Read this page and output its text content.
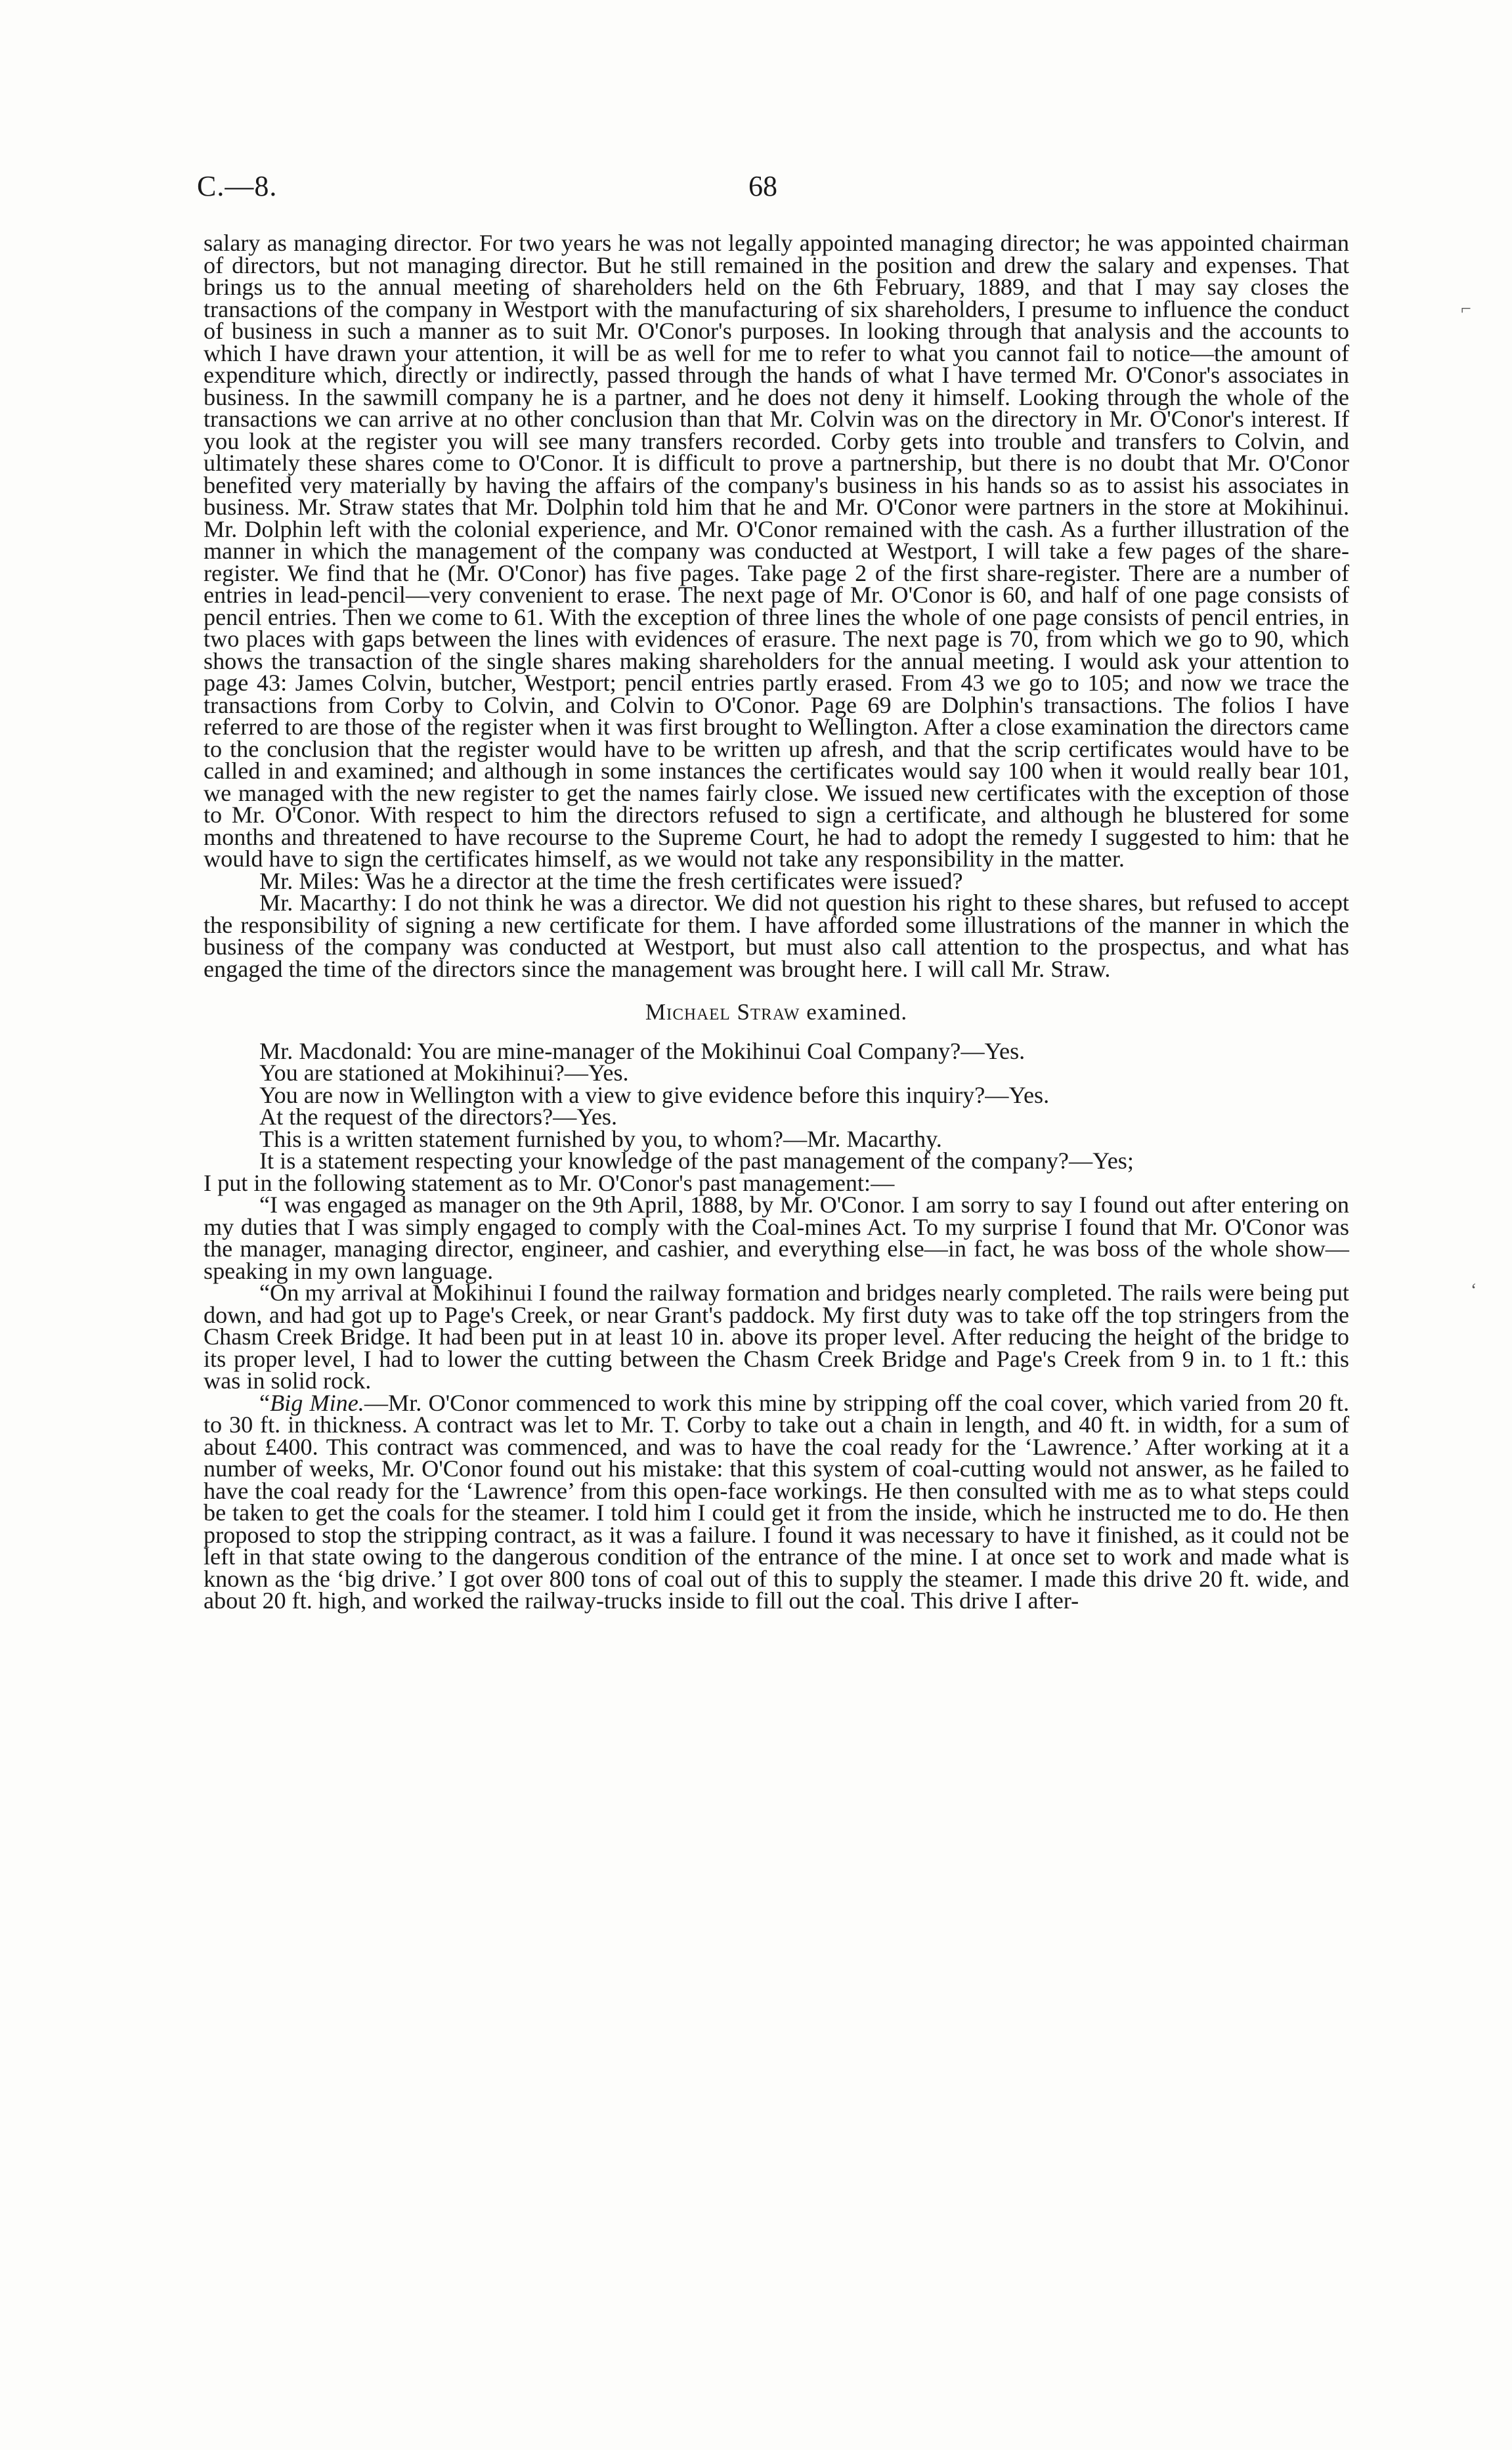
C.—8.	68

salary as managing director. For two years he was not legally appointed managing director; he was appointed chairman of directors, but not managing director. But he still remained in the position and drew the salary and expenses. That brings us to the annual meeting of shareholders held on the 6th February, 1889, and that I may say closes the transactions of the company in Westport with the manufacturing of six shareholders, I presume to influence the conduct of business in such a manner as to suit Mr. O'Conor's purposes. In looking through that analysis and the accounts to which I have drawn your attention, it will be as well for me to refer to what you cannot fail to notice—the amount of expenditure which, directly or indirectly, passed through the hands of what I have termed Mr. O'Conor's associates in business. In the sawmill company he is a partner, and he does not deny it himself. Looking through the whole of the transactions we can arrive at no other conclusion than that Mr. Colvin was on the directory in Mr. O'Conor's interest. If you look at the register you will see many transfers recorded. Corby gets into trouble and transfers to Colvin, and ultimately these shares come to O'Conor. It is difficult to prove a partnership, but there is no doubt that Mr. O'Conor benefited very materially by having the affairs of the company's business in his hands so as to assist his associates in business. Mr. Straw states that Mr. Dolphin told him that he and Mr. O'Conor were partners in the store at Mokihinui. Mr. Dolphin left with the colonial experience, and Mr. O'Conor remained with the cash. As a further illustration of the manner in which the management of the company was conducted at Westport, I will take a few pages of the share-register. We find that he (Mr. O'Conor) has five pages. Take page 2 of the first share-register. There are a number of entries in lead-pencil—very convenient to erase. The next page of Mr. O'Conor is 60, and half of one page consists of pencil entries. Then we come to 61. With the exception of three lines the whole of one page consists of pencil entries, in two places with gaps between the lines with evidences of erasure. The next page is 70, from which we go to 90, which shows the transaction of the single shares making shareholders for the annual meeting. I would ask your attention to page 43: James Colvin, butcher, Westport; pencil entries partly erased. From 43 we go to 105; and now we trace the transactions from Corby to Colvin, and Colvin to O'Conor. Page 69 are Dolphin's transactions. The folios I have referred to are those of the register when it was first brought to Wellington. After a close examination the directors came to the conclusion that the register would have to be written up afresh, and that the scrip certificates would have to be called in and examined; and although in some instances the certificates would say 100 when it would really bear 101, we managed with the new register to get the names fairly close. We issued new certificates with the exception of those to Mr. O'Conor. With respect to him the directors refused to sign a certificate, and although he blustered for some months and threatened to have recourse to the Supreme Court, he had to adopt the remedy I suggested to him: that he would have to sign the certificates himself, as we would not take any responsibility in the matter.

Mr. Miles: Was he a director at the time the fresh certificates were issued?

Mr. Macarthy: I do not think he was a director. We did not question his right to these shares, but refused to accept the responsibility of signing a new certificate for them. I have afforded some illustrations of the manner in which the business of the company was conducted at Westport, but must also call attention to the prospectus, and what has engaged the time of the directors since the management was brought here. I will call Mr. Straw.

Michael Straw examined.

Mr. Macdonald: You are mine-manager of the Mokihinui Coal Company?—Yes.

You are stationed at Mokihinui?—Yes.

You are now in Wellington with a view to give evidence before this inquiry?—Yes.

At the request of the directors?—Yes.

This is a written statement furnished by you, to whom?—Mr. Macarthy.

It is a statement respecting your knowledge of the past management of the company?—Yes;

I put in the following statement as to Mr. O'Conor's past management:—

“I was engaged as manager on the 9th April, 1888, by Mr. O'Conor. I am sorry to say I found out after entering on my duties that I was simply engaged to comply with the Coal-mines Act. To my surprise I found that Mr. O'Conor was the manager, managing director, engineer, and cashier, and everything else—in fact, he was boss of the whole show—speaking in my own language.

“On my arrival at Mokihinui I found the railway formation and bridges nearly completed. The rails were being put down, and had got up to Page's Creek, or near Grant's paddock. My first duty was to take off the top stringers from the Chasm Creek Bridge. It had been put in at least 10 in. above its proper level. After reducing the height of the bridge to its proper level, I had to lower the cutting between the Chasm Creek Bridge and Page's Creek from 9 in. to 1 ft.: this was in solid rock.

“Big Mine.—Mr. O'Conor commenced to work this mine by stripping off the coal cover, which varied from 20 ft. to 30 ft. in thickness. A contract was let to Mr. T. Corby to take out a chain in length, and 40 ft. in width, for a sum of about £400. This contract was commenced, and was to have the coal ready for the ‘Lawrence.’ After working at it a number of weeks, Mr. O'Conor found out his mistake: that this system of coal-cutting would not answer, as he failed to have the coal ready for the ‘Lawrence’ from this open-face workings. He then consulted with me as to what steps could be taken to get the coals for the steamer. I told him I could get it from the inside, which he instructed me to do. He then proposed to stop the stripping contract, as it was a failure. I found it was necessary to have it finished, as it could not be left in that state owing to the dangerous condition of the entrance of the mine. I at once set to work and made what is known as the ‘big drive.’ I got over 800 tons of coal out of this to supply the steamer. I made this drive 20 ft. wide, and about 20 ft. high, and worked the railway-trucks inside to fill out the coal. This drive I after-

⌐
‘
